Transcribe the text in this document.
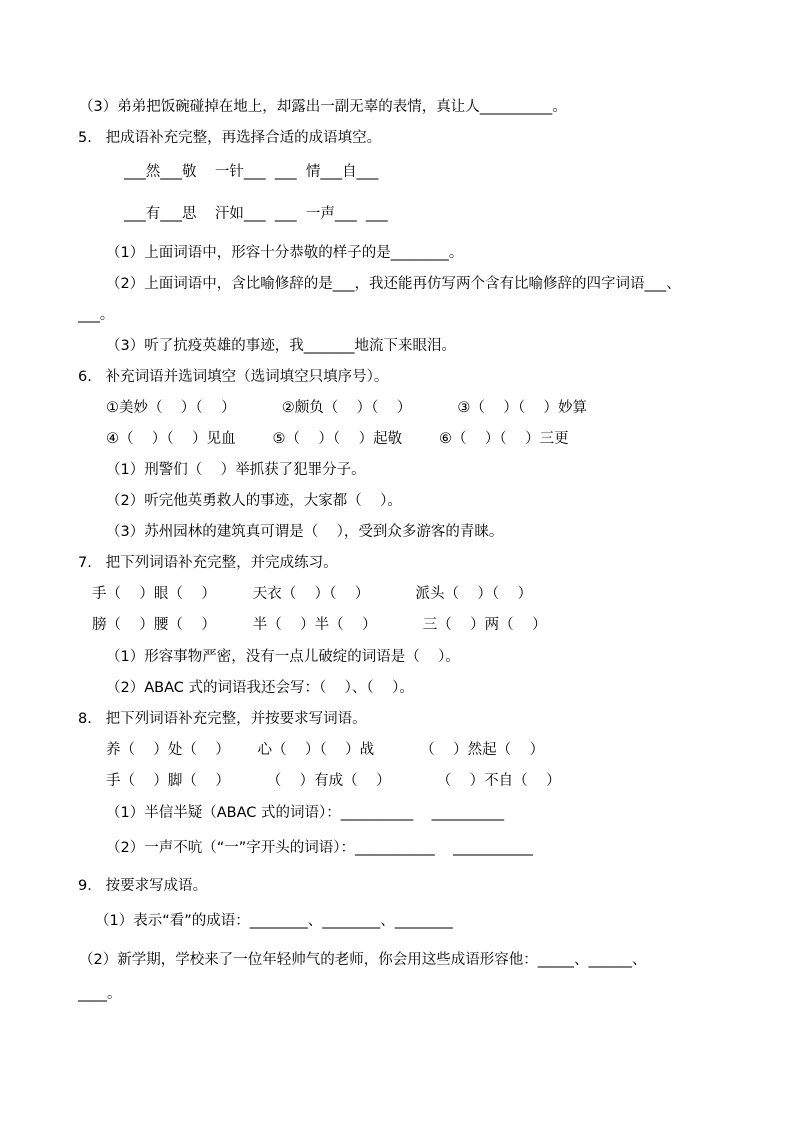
（3）弟弟把饭碗碰掉在地上，却露出一副无辜的表情，真让人__________。
5.   把成语补充完整，再选择合适的成语填空。
___然___敬    一针___  ___  情___自___
___有___思    汗如___  ___  一声___  ___
（1）上面词语中，形容十分恭敬的样子的是________。
（2）上面词语中，含比喻修辞的是___，我还能再仿写两个含有比喻修辞的四字词语___、
___。
（3）听了抗疫英雄的事迹，我_______地流下来眼泪。
6.   补充词语并选词填空（选词填空只填序号）。
①美妙（    ）（    ）          ②颇负（    ）（    ）          ③（    ）（    ）妙算
④（    ）（    ）见血        ⑤（    ）（    ）起敬        ⑥（    ）（    ）三更
（1）刑警们（    ）举抓获了犯罪分子。
（2）听完他英勇救人的事迹，大家都（    ）。
（3）苏州园林的建筑真可谓是（    ），受到众多游客的青睐。
7.   把下列词语补充完整，并完成练习。
手（    ）眼（    ）        天衣（    ）（    ）          派头（    ）（    ）
膀（    ）腰（    ）        半（    ）半（    ）          三（    ）两（    ）
（1）形容事物严密，没有一点儿破绽的词语是（    ）。
（2）ABAC 式的词语我还会写：（    ）、（    ）。
8.   把下列词语补充完整，并按要求写词语。
养（    ）处（    ）      心（    ）（    ）战          （    ）然起（    ）
手（    ）脚（    ）        （    ）有成（    ）          （    ）不自（    ）
（1）半信半疑（ABAC 式的词语）：__________    __________
（2）一声不吭（“一”字开头的词语）：___________    ___________
9.   按要求写成语。
（1）表示“看”的成语：________、________、________
（2）新学期，学校来了一位年轻帅气的老师，你会用这些成语形容他：_____、______、
____。
